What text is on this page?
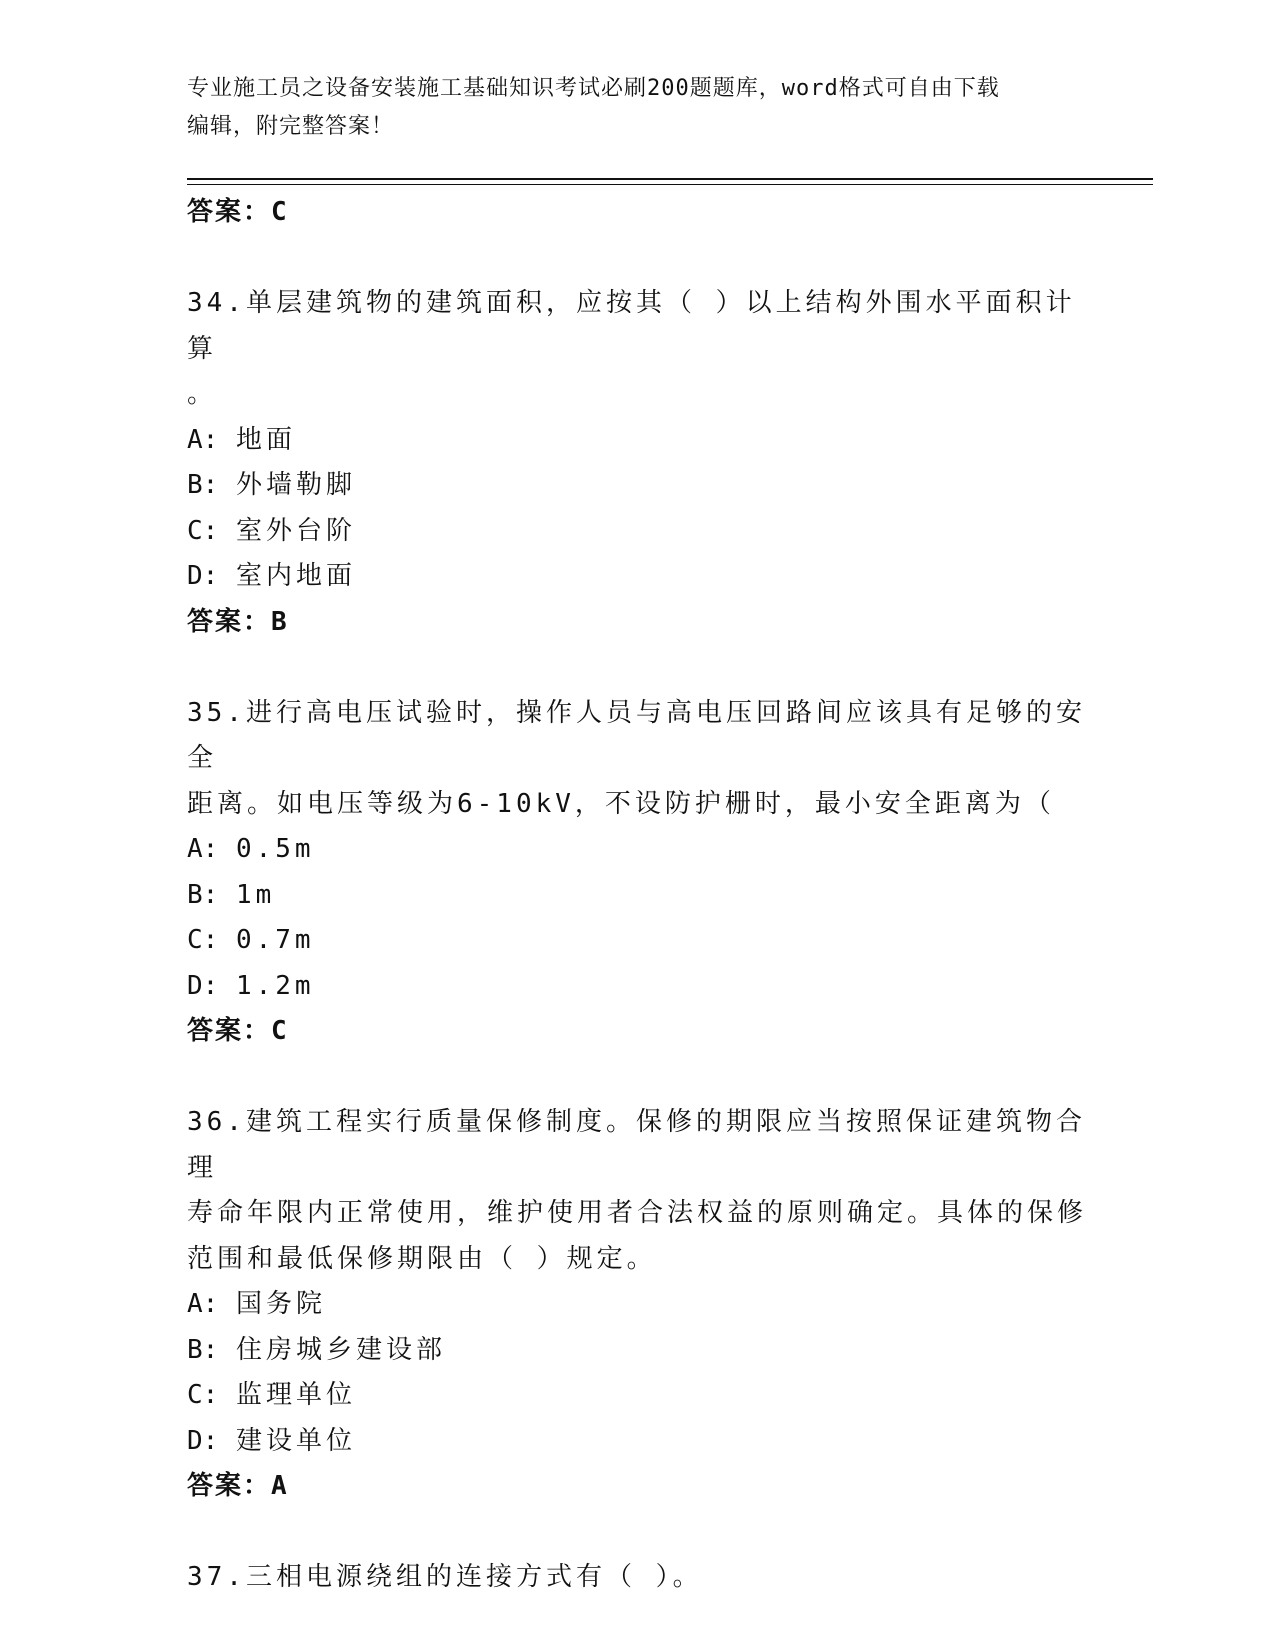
专业施工员之设备安装施工基础知识考试必刷200题题库，word格式可自由下载
编辑，附完整答案！
答案：C
34.单层建筑物的建筑面积，应按其（ ）以上结构外围水平面积计算
。
A: 地面
B: 外墙勒脚
C: 室外台阶
D: 室内地面
答案：B
35.进行高电压试验时，操作人员与高电压回路间应该具有足够的安全
距离。如电压等级为6-10kV，不设防护栅时，最小安全距离为（
A: 0.5m
B: 1m
C: 0.7m
D: 1.2m
答案：C
36.建筑工程实行质量保修制度。保修的期限应当按照保证建筑物合理
寿命年限内正常使用，维护使用者合法权益的原则确定。具体的保修
范围和最低保修期限由（ ）规定。
A: 国务院
B: 住房城乡建设部
C: 监理单位
D: 建设单位
答案：A
37.三相电源绕组的连接方式有（ ）。
